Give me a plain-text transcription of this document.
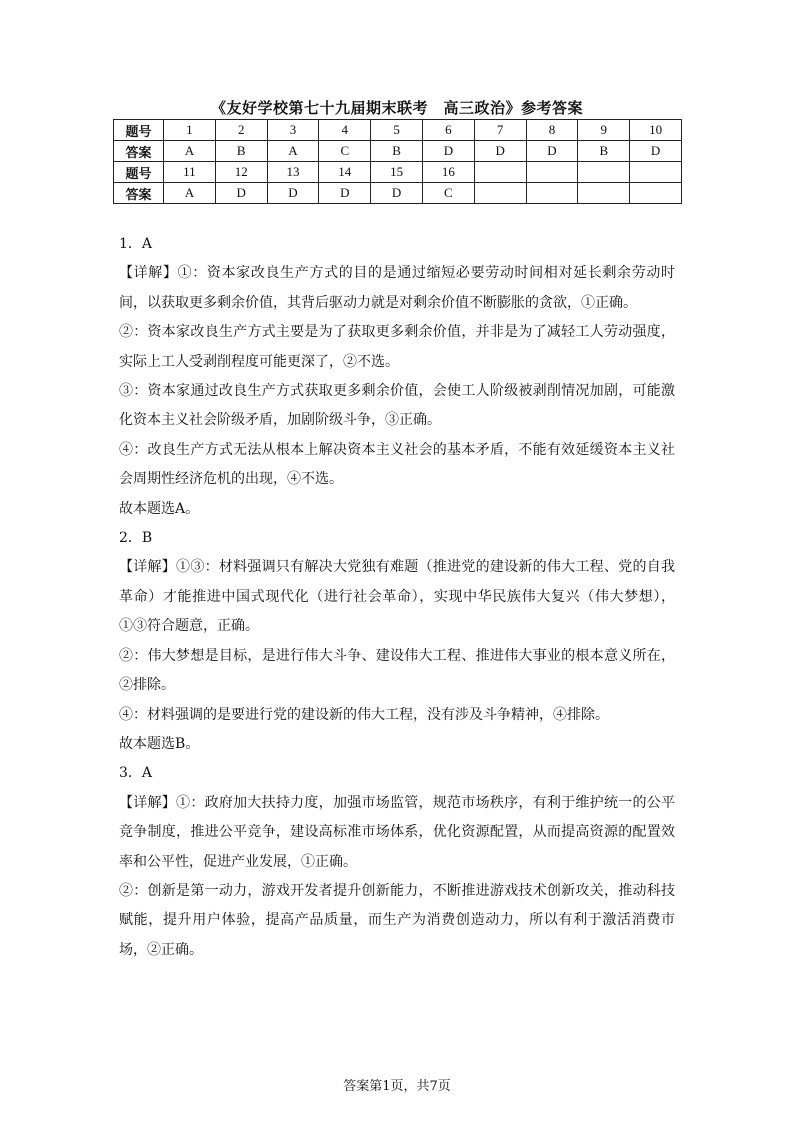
《友好学校第七十九届期末联考　高三政治》参考答案
题号	1	2	3	4	5	6	7	8	9	10
答案	A	B	A	C	B	D	D	D	B	D
题号	11	12	13	14	15	16				
答案	A	D	D	D	D	C				

1．A

【详解】①：资本家改良生产方式的目的是通过缩短必要劳动时间相对延长剩余劳动时间，以获取更多剩余价值，其背后驱动力就是对剩余价值不断膨胀的贪欲，①正确。

②：资本家改良生产方式主要是为了获取更多剩余价值，并非是为了减轻工人劳动强度，实际上工人受剥削程度可能更深了，②不选。

③：资本家通过改良生产方式获取更多剩余价值，会使工人阶级被剥削情况加剧，可能激化资本主义社会阶级矛盾，加剧阶级斗争，③正确。

④：改良生产方式无法从根本上解决资本主义社会的基本矛盾，不能有效延缓资本主义社会周期性经济危机的出现，④不选。

故本题选A。

2．B

【详解】①③：材料强调只有解决大党独有难题（推进党的建设新的伟大工程、党的自我革命）才能推进中国式现代化（进行社会革命），实现中华民族伟大复兴（伟大梦想），①③符合题意，正确。

②：伟大梦想是目标，是进行伟大斗争、建设伟大工程、推进伟大事业的根本意义所在，②排除。

④：材料强调的是要进行党的建设新的伟大工程，没有涉及斗争精神，④排除。

故本题选B。

3．A

【详解】①：政府加大扶持力度，加强市场监管，规范市场秩序，有利于维护统一的公平竞争制度，推进公平竞争，建设高标准市场体系，优化资源配置，从而提高资源的配置效率和公平性，促进产业发展，①正确。

②：创新是第一动力，游戏开发者提升创新能力，不断推进游戏技术创新攻关，推动科技赋能，提升用户体验，提高产品质量，而生产为消费创造动力，所以有利于激活消费市场，②正确。

答案第1页，共7页
